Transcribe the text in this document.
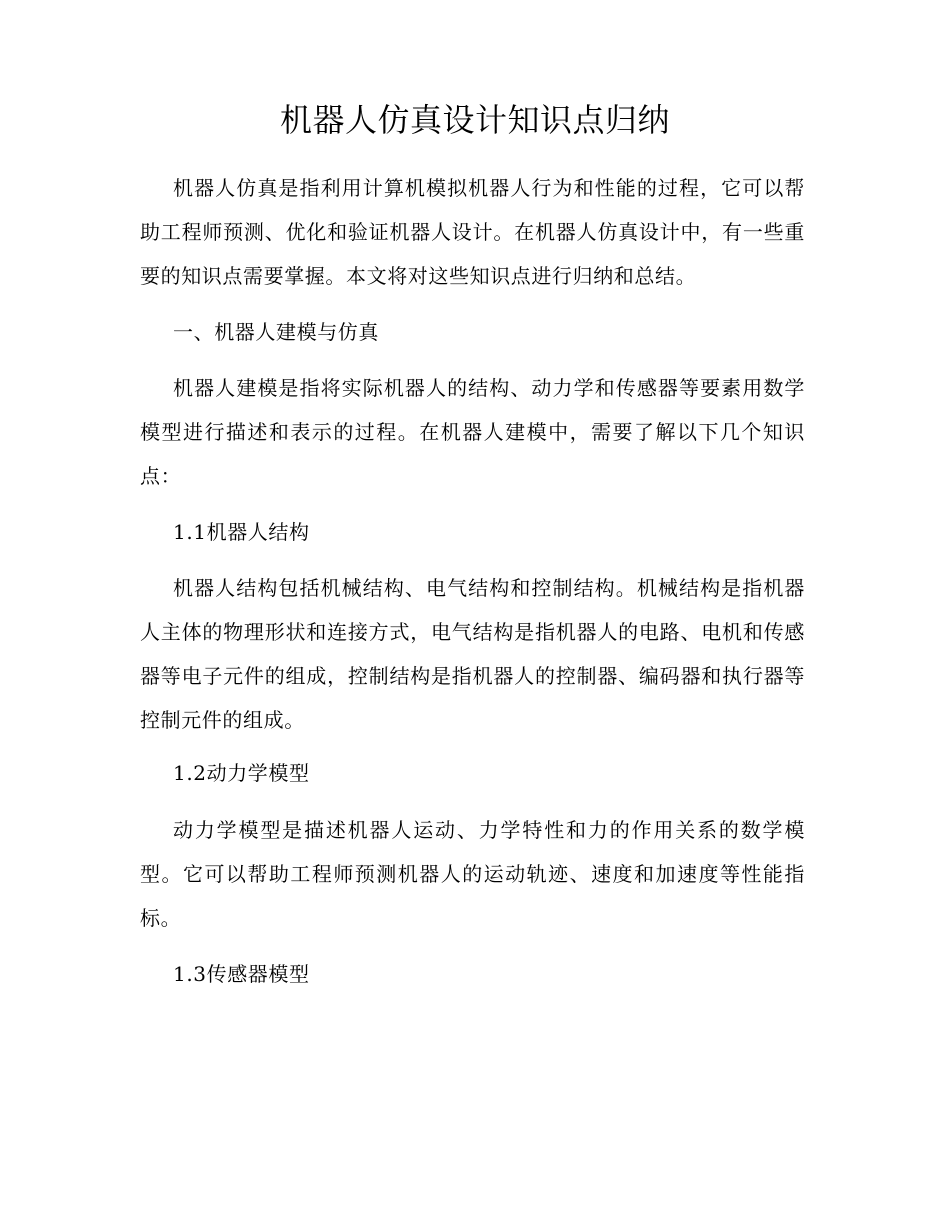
机器人仿真设计知识点归纳

机器人仿真是指利用计算机模拟机器人行为和性能的过程，它可以帮助工程师预测、优化和验证机器人设计。在机器人仿真设计中，有一些重要的知识点需要掌握。本文将对这些知识点进行归纳和总结。

一、机器人建模与仿真

机器人建模是指将实际机器人的结构、动力学和传感器等要素用数学模型进行描述和表示的过程。在机器人建模中，需要了解以下几个知识点：

1.1机器人结构

机器人结构包括机械结构、电气结构和控制结构。机械结构是指机器人主体的物理形状和连接方式，电气结构是指机器人的电路、电机和传感器等电子元件的组成，控制结构是指机器人的控制器、编码器和执行器等控制元件的组成。

1.2动力学模型

动力学模型是描述机器人运动、力学特性和力的作用关系的数学模型。它可以帮助工程师预测机器人的运动轨迹、速度和加速度等性能指标。

1.3传感器模型
